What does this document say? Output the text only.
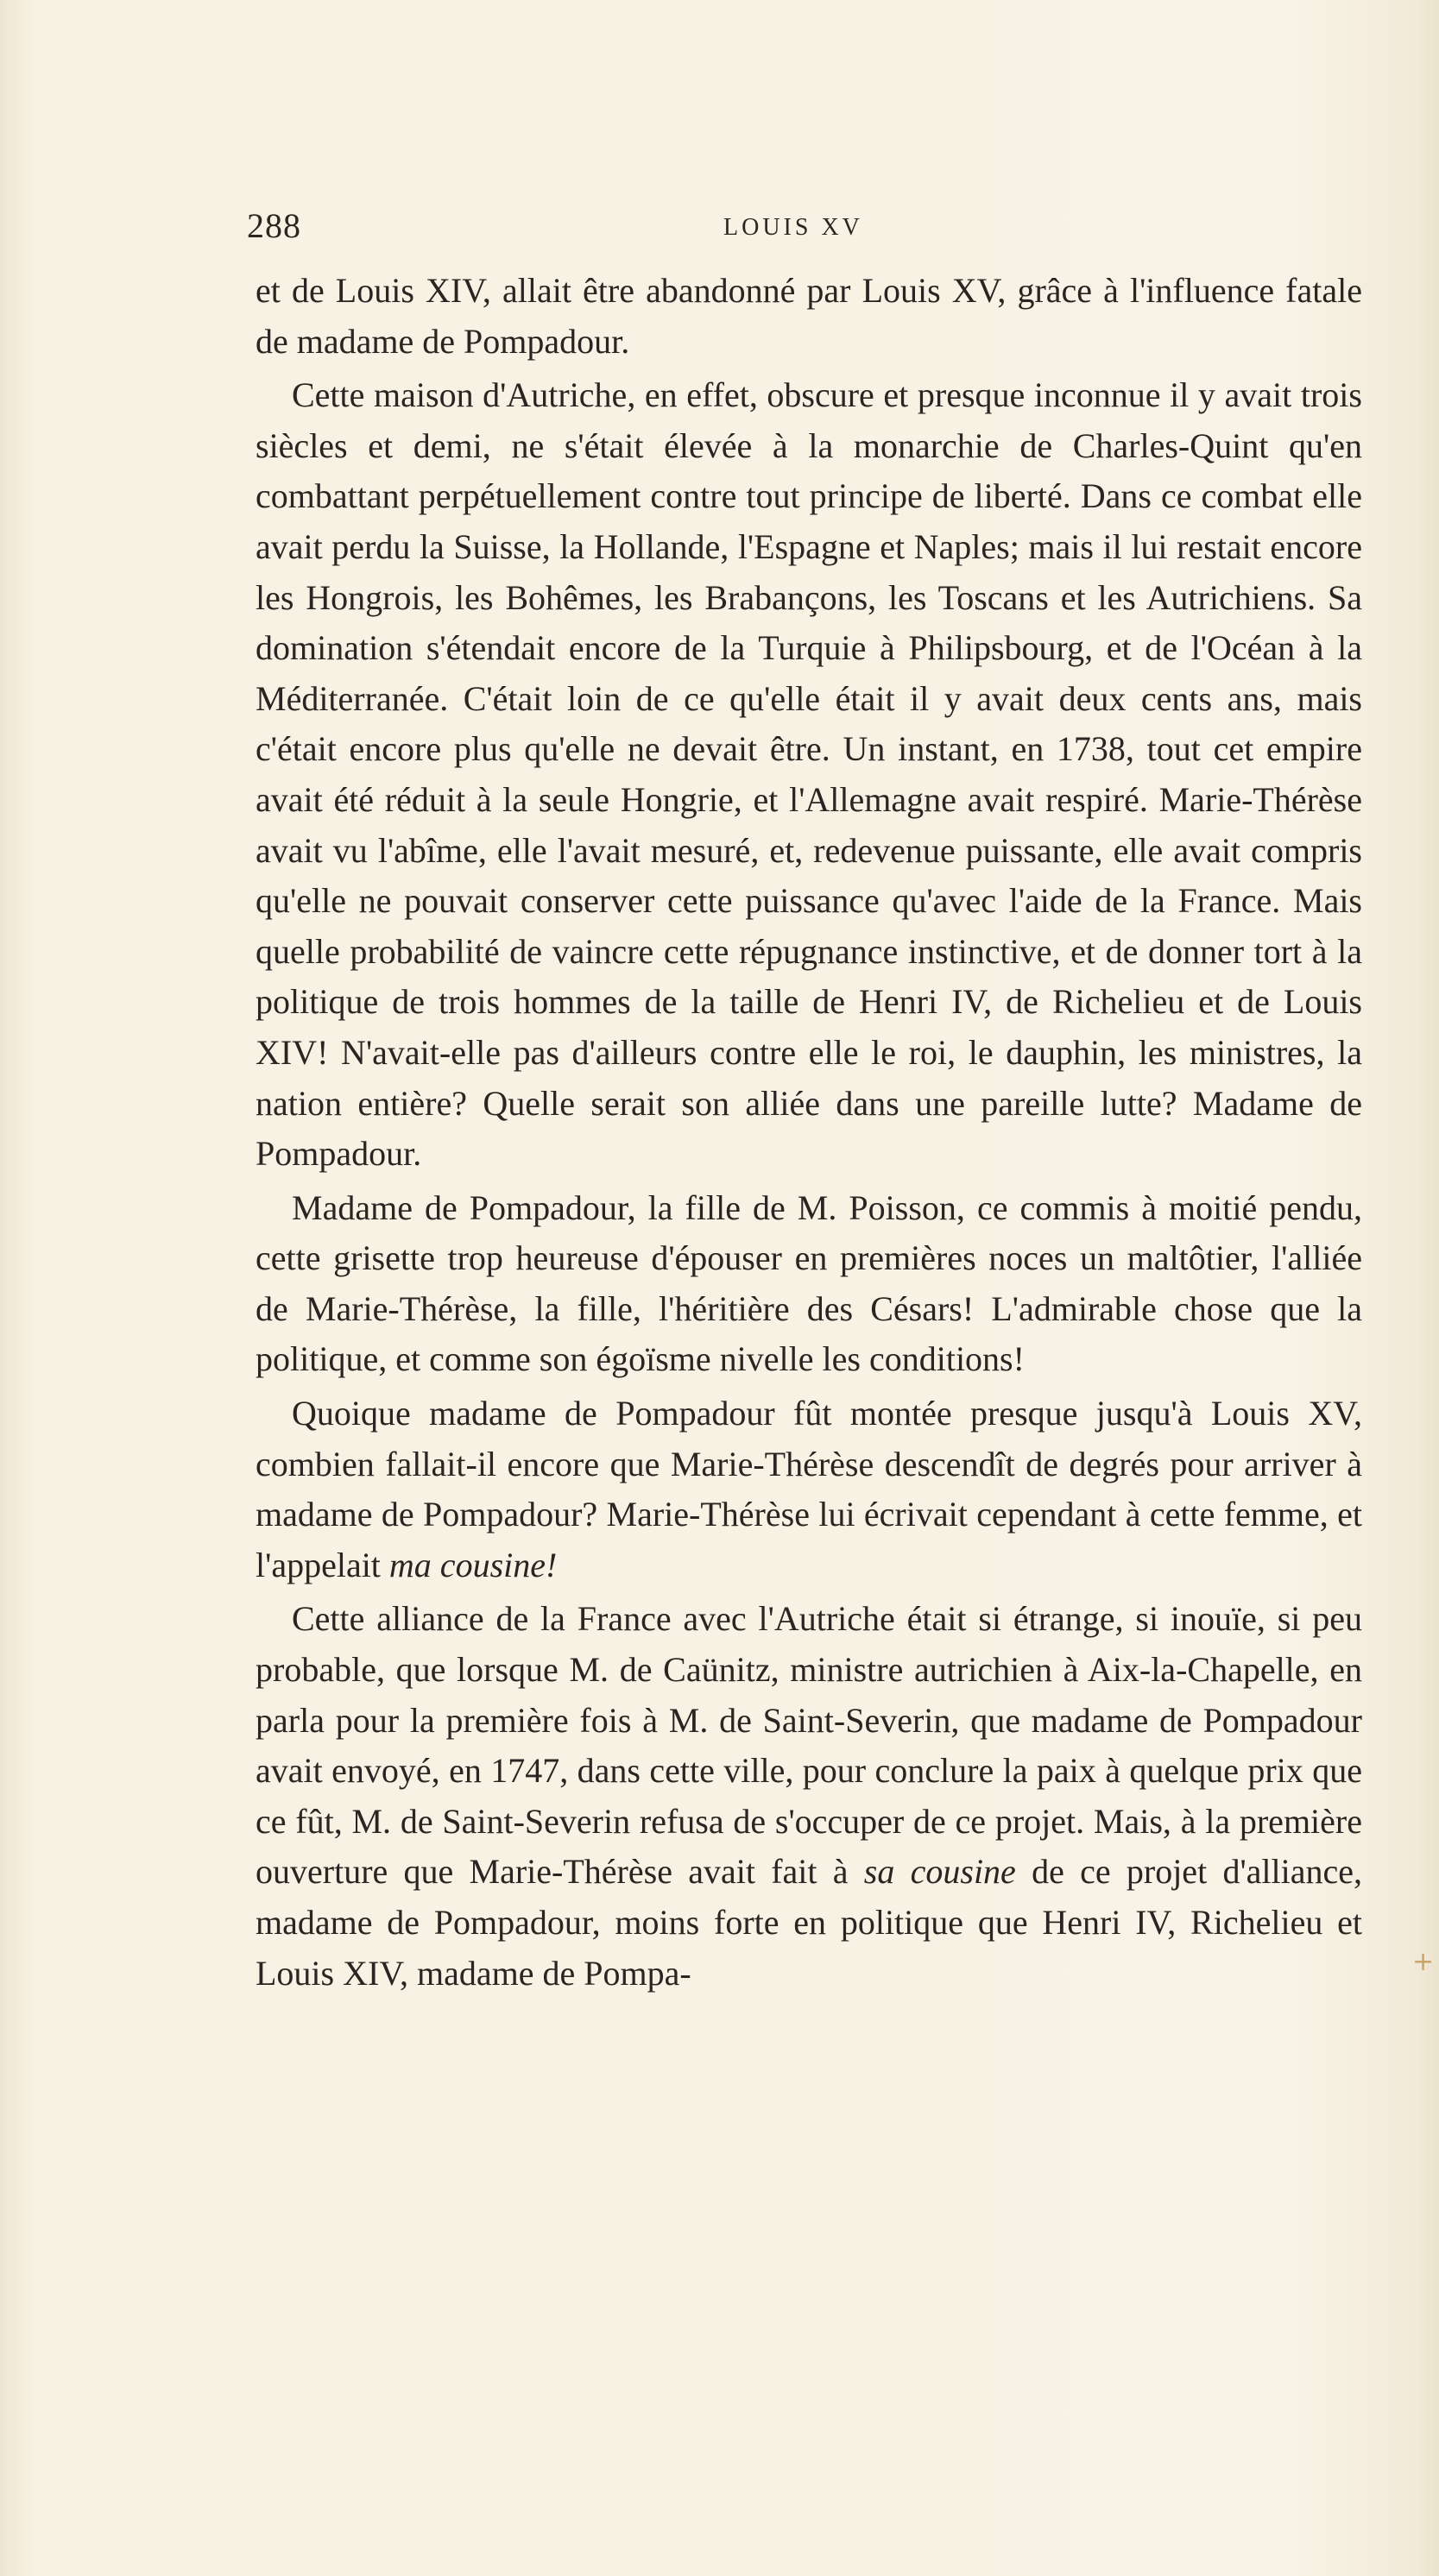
288	LOUIS XV

et de Louis XIV, allait être abandonné par Louis XV, grâce à l'influence fatale de madame de Pompadour.

Cette maison d'Autriche, en effet, obscure et presque inconnue il y avait trois siècles et demi, ne s'était élevée à la monarchie de Charles-Quint qu'en combattant perpétuellement contre tout principe de liberté. Dans ce combat elle avait perdu la Suisse, la Hollande, l'Espagne et Naples; mais il lui restait encore les Hongrois, les Bohêmes, les Brabançons, les Toscans et les Autrichiens. Sa domination s'étendait encore de la Turquie à Philipsbourg, et de l'Océan à la Méditerranée. C'était loin de ce qu'elle était il y avait deux cents ans, mais c'était encore plus qu'elle ne devait être. Un instant, en 1738, tout cet empire avait été réduit à la seule Hongrie, et l'Allemagne avait respiré. Marie-Thérèse avait vu l'abîme, elle l'avait mesuré, et, redevenue puissante, elle avait compris qu'elle ne pouvait conserver cette puissance qu'avec l'aide de la France. Mais quelle probabilité de vaincre cette répugnance instinctive, et de donner tort à la politique de trois hommes de la taille de Henri IV, de Richelieu et de Louis XIV! N'avait-elle pas d'ailleurs contre elle le roi, le dauphin, les ministres, la nation entière? Quelle serait son alliée dans une pareille lutte? Madame de Pompadour.

Madame de Pompadour, la fille de M. Poisson, ce commis à moitié pendu, cette grisette trop heureuse d'épouser en premières noces un maltôtier, l'alliée de Marie-Thérèse, la fille, l'héritière des Césars! L'admirable chose que la politique, et comme son égoïsme nivelle les conditions!

Quoique madame de Pompadour fût montée presque jusqu'à Louis XV, combien fallait-il encore que Marie-Thérèse descendît de degrés pour arriver à madame de Pompadour? Marie-Thérèse lui écrivait cependant à cette femme, et l'appelait ma cousine!

Cette alliance de la France avec l'Autriche était si étrange, si inouïe, si peu probable, que lorsque M. de Caünitz, ministre autrichien à Aix-la-Chapelle, en parla pour la première fois à M. de Saint-Severin, que madame de Pompadour avait envoyé, en 1747, dans cette ville, pour conclure la paix à quelque prix que ce fût, M. de Saint-Severin refusa de s'occuper de ce projet. Mais, à la première ouverture que Marie-Thérèse avait fait à sa cousine de ce projet d'alliance, madame de Pompadour, moins forte en politique que Henri IV, Richelieu et Louis XIV, madame de Pompa-	+
